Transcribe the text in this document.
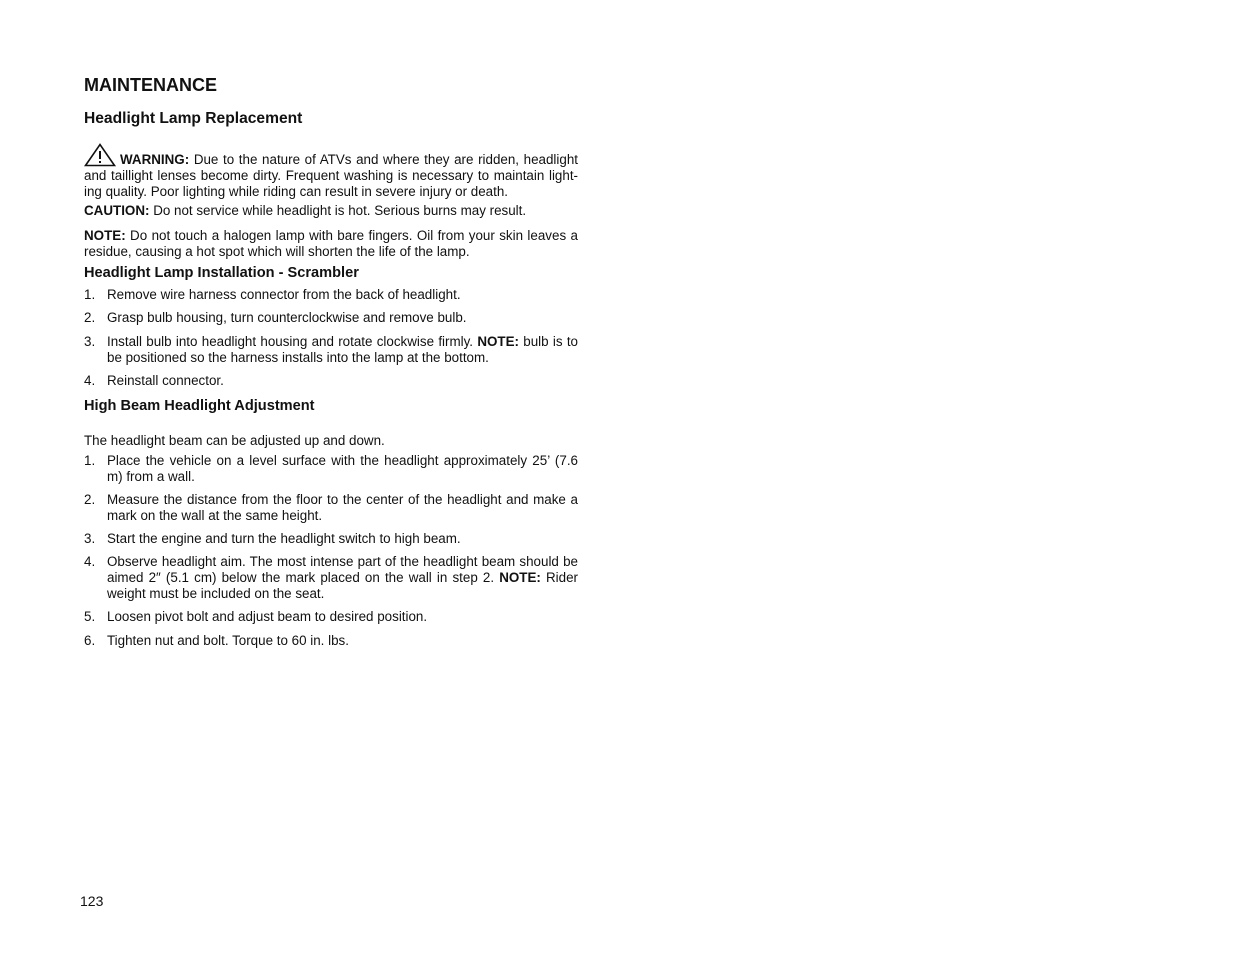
MAINTENANCE
Headlight Lamp Replacement
WARNING: Due to the nature of ATVs and where they are ridden, headlight and taillight lenses become dirty. Frequent washing is necessary to maintain light-ing quality. Poor lighting while riding can result in severe injury or death.
CAUTION: Do not service while headlight is hot. Serious burns may result.
NOTE: Do not touch a halogen lamp with bare fingers. Oil from your skin leaves a residue, causing a hot spot which will shorten the life of the lamp.
Headlight Lamp Installation - Scrambler
1. Remove wire harness connector from the back of headlight.
2. Grasp bulb housing, turn counterclockwise and remove bulb.
3. Install bulb into headlight housing and rotate clockwise firmly. NOTE: bulb is to be positioned so the harness installs into the lamp at the bottom.
4. Reinstall connector.
High Beam Headlight Adjustment
The headlight beam can be adjusted up and down.
1. Place the vehicle on a level surface with the headlight approximately 25’ (7.6 m) from a wall.
2. Measure the distance from the floor to the center of the headlight and make a mark on the wall at the same height.
3. Start the engine and turn the headlight switch to high beam.
4. Observe headlight aim. The most intense part of the headlight beam should be aimed 2″ (5.1 cm) below the mark placed on the wall in step 2. NOTE: Rider weight must be included on the seat.
5. Loosen pivot bolt and adjust beam to desired position.
6. Tighten nut and bolt. Torque to 60 in. lbs.
123
